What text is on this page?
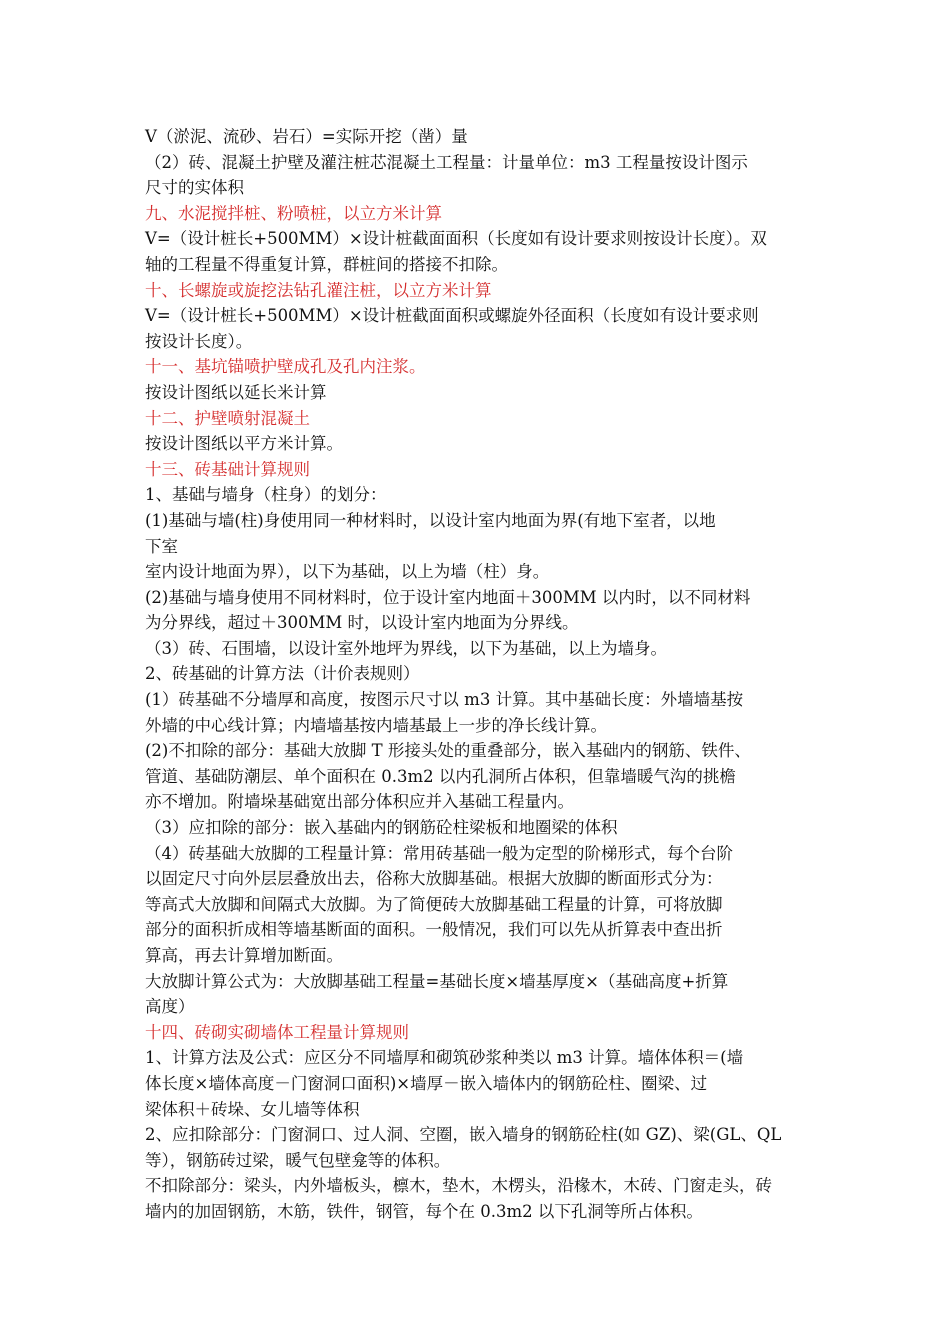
V（淤泥、流砂、岩石）=实际开挖（凿）量

（2）砖、混凝土护壁及灌注桩芯混凝土工程量：计量单位：m3 工程量按设计图示

尺寸的实体积

九、水泥搅拌桩、粉喷桩，以立方米计算

V=（设计桩长+500MM）×设计桩截面面积（长度如有设计要求则按设计长度）。双

轴的工程量不得重复计算，群桩间的搭接不扣除。

十、长螺旋或旋挖法钻孔灌注桩，以立方米计算

V=（设计桩长+500MM）×设计桩截面面积或螺旋外径面积（长度如有设计要求则

按设计长度）。

十一、基坑锚喷护壁成孔及孔内注浆。

按设计图纸以延长米计算

十二、护壁喷射混凝土

按设计图纸以平方米计算。

十三、砖基础计算规则

1、基础与墙身（柱身）的划分：

(1)基础与墙(柱)身使用同一种材料时，以设计室内地面为界(有地下室者，以地

下室

室内设计地面为界），以下为基础，以上为墙（柱）身。

(2)基础与墙身使用不同材料时，位于设计室内地面＋300MM 以内时，以不同材料

为分界线，超过＋300MM 时，以设计室内地面为分界线。

（3）砖、石围墙，以设计室外地坪为界线，以下为基础，以上为墙身。

2、砖基础的计算方法（计价表规则）

(1）砖基础不分墙厚和高度，按图示尺寸以 m3 计算。其中基础长度：外墙墙基按

外墙的中心线计算；内墙墙基按内墙基最上一步的净长线计算。

(2)不扣除的部分：基础大放脚 T 形接头处的重叠部分，嵌入基础内的钢筋、铁件、

管道、基础防潮层、单个面积在 0.3m2 以内孔洞所占体积，但靠墙暖气沟的挑檐

亦不增加。附墙垛基础宽出部分体积应并入基础工程量内。

（3）应扣除的部分：嵌入基础内的钢筋砼柱梁板和地圈梁的体积

（4）砖基础大放脚的工程量计算：常用砖基础一般为定型的阶梯形式，每个台阶

以固定尺寸向外层层叠放出去，俗称大放脚基础。根据大放脚的断面形式分为：

等高式大放脚和间隔式大放脚。为了简便砖大放脚基础工程量的计算，可将放脚

部分的面积折成相等墙基断面的面积。一般情况，我们可以先从折算表中查出折

算高，再去计算增加断面。

大放脚计算公式为：大放脚基础工程量=基础长度×墙基厚度×（基础高度+折算

高度）

十四、砖砌实砌墙体工程量计算规则

1、计算方法及公式：应区分不同墙厚和砌筑砂浆种类以 m3 计算。墙体体积＝(墙

体长度×墙体高度－门窗洞口面积)×墙厚－嵌入墙体内的钢筋砼柱、圈梁、过

梁体积＋砖垛、女儿墙等体积

2、应扣除部分：门窗洞口、过人洞、空圈，嵌入墙身的钢筋砼柱(如 GZ)、梁(GL、QL

等），钢筋砖过梁，暖气包壁龛等的体积。

不扣除部分：梁头，内外墙板头，檩木，垫木，木楞头，沿椽木，木砖、门窗走头，砖

墙内的加固钢筋，木筋，铁件，钢管，每个在 0.3m2 以下孔洞等所占体积。
